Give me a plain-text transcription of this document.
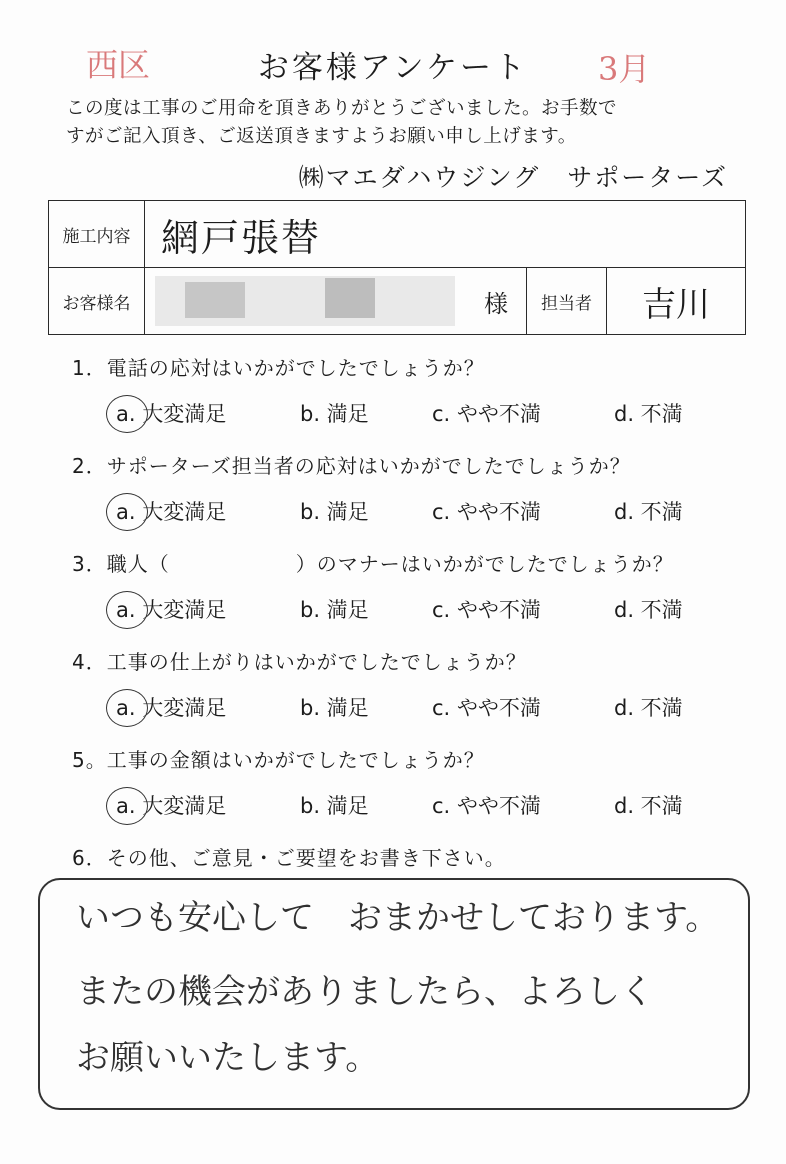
西区	3月
お客様アンケート
この度は工事のご用命を頂きありがとうございました。お手数で
すがご記入頂き、ご返送頂きますようお願い申し上げます。
㈱マエダハウジング　サポーターズ
施工内容	網戸張替		
お客様名	様	担当者	吉川
1．電話の応対はいかがでしたでしょうか？
a. 大変満足	b. 満足	c. やや不満	d. 不満
2．サポーターズ担当者の応対はいかがでしたでしょうか？
a. 大変満足	b. 満足	c. やや不満	d. 不満
3．職人（　　　　　　）のマナーはいかがでしたでしょうか？
a. 大変満足	b. 満足	c. やや不満	d. 不満
4．工事の仕上がりはいかがでしたでしょうか？
a. 大変満足	b. 満足	c. やや不満	d. 不満
5。工事の金額はいかがでしたでしょうか？
a. 大変満足	b. 満足	c. やや不満	d. 不満
6．その他、ご意見・ご要望をお書き下さい。
いつも安心して　おまかせしております。
またの機会がありましたら、よろしく
お願いいたします。
